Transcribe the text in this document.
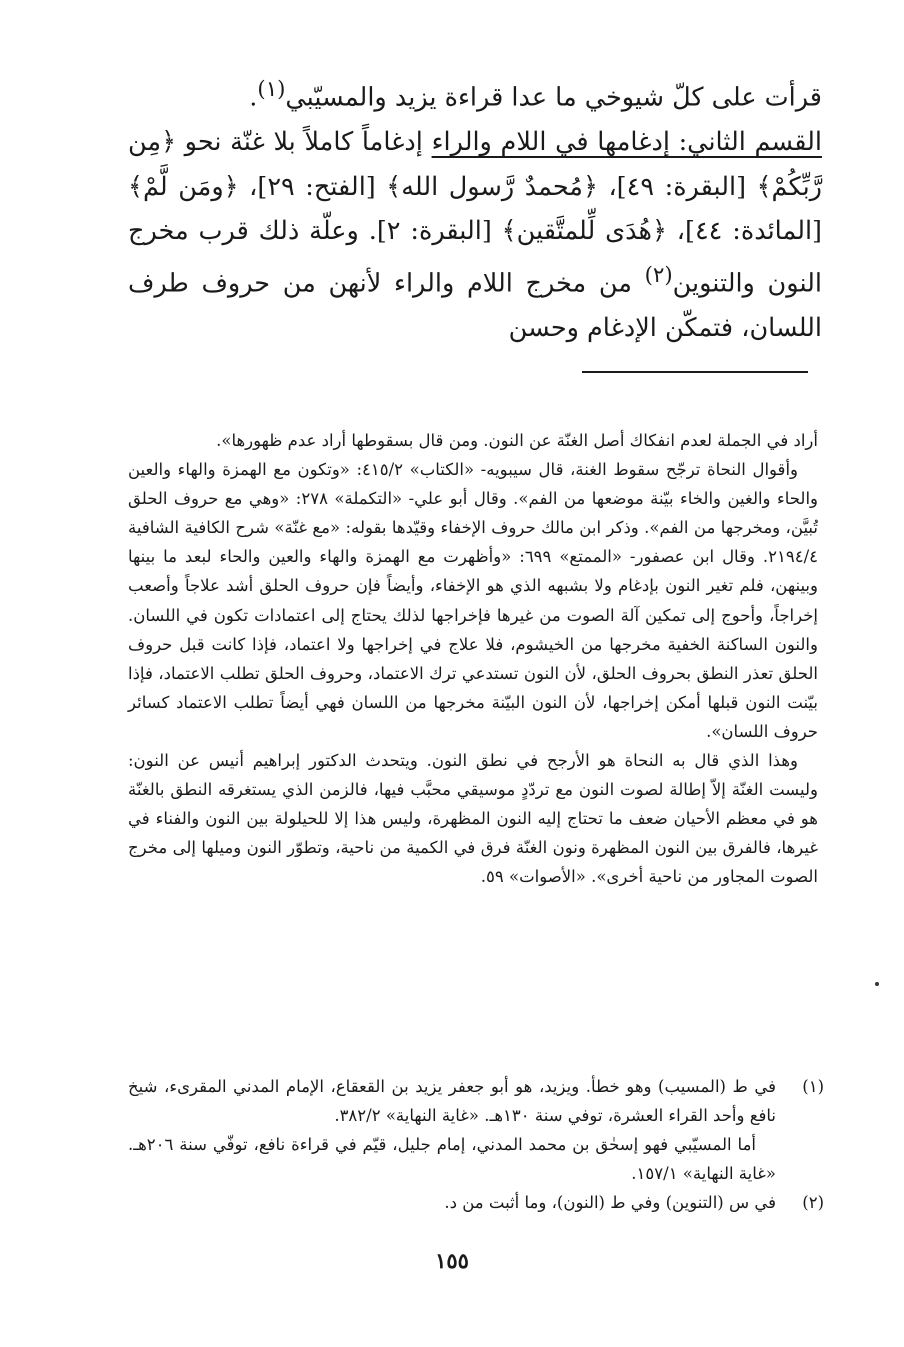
قرأت على كلّ شيوخي ما عدا قراءة يزيد والمسيّبي$^{(١)}$.

القسم الثاني: إدغامها في اللام والراء إدغاماً كاملاً بلا غنّة نحو ﴿مِن رَّبِّكُمْ﴾ [البقرة: ٤٩]، ﴿مُحمدٌ رَّسول الله﴾ [الفتح: ٢٩]، ﴿ومَن لَّمْ﴾ [المائدة: ٤٤]، ﴿هُدَى لِّلمتَّقين﴾ [البقرة: ٢]. وعلّة ذلك قرب مخرج النون والتنوين$^{(٢)}$ من مخرج اللام والراء لأنهن من حروف طرف اللسان، فتمكّن الإدغام وحسن

أراد في الجملة لعدم انفكاك أصل الغنّة عن النون. ومن قال بسقوطها أراد عدم ظهورها».

وأقوال النحاة ترجّح سقوط الغنة، قال سيبويه- «الكتاب» ٤١٥/٢: «وتكون مع الهمزة والهاء والعين والحاء والغين والخاء بيّنة موضعها من الفم». وقال أبو علي- «التكملة» ٢٧٨: «وهي مع حروف الحلق تُبيَّن، ومخرجها من الفم». وذكر ابن مالك حروف الإخفاء وقيّدها بقوله: «مع غنّة» شرح الكافية الشافية ٢١٩٤/٤. وقال ابن عصفور- «الممتع» ٦٩٩: «وأظهرت مع الهمزة والهاء والعين والحاء لبعد ما بينها وبينهن، فلم تغير النون بإدغام ولا بشبهه الذي هو الإخفاء، وأيضاً فإن حروف الحلق أشد علاجاً وأصعب إخراجاً، وأحوج إلى تمكين آلة الصوت من غيرها فإخراجها لذلك يحتاج إلى اعتمادات تكون في اللسان. والنون الساكنة الخفية مخرجها من الخيشوم، فلا علاج في إخراجها ولا اعتماد، فإذا كانت قبل حروف الحلق تعذر النطق بحروف الحلق، لأن النون تستدعي ترك الاعتماد، وحروف الحلق تطلب الاعتماد، فإذا بيّنت النون قبلها أمكن إخراجها، لأن النون البيّنة مخرجها من اللسان فهي أيضاً تطلب الاعتماد كسائر حروف اللسان».

وهذا الذي قال به النحاة هو الأرجح في نطق النون. ويتحدث الدكتور إبراهيم أنيس عن النون: وليست الغنّة إلاّ إطالة لصوت النون مع تردّدٍ موسيقي محبَّب فيها، فالزمن الذي يستغرقه النطق بالغنّة هو في معظم الأحيان ضعف ما تحتاج إليه النون المظهرة، وليس هذا إلا للحيلولة بين النون والفناء في غيرها، فالفرق بين النون المظهرة ونون الغنّة فرق في الكمية من ناحية، وتطوّر النون وميلها إلى مخرج الصوت المجاور من ناحية أخرى». «الأصوات» ٥٩.

(١)

في ط (المسيب) وهو خطأ. ويزيد، هو أبو جعفر يزيد بن القعقاع، الإمام المدني المقرىء، شيخ نافع وأحد القراء العشرة، توفي سنة ١٣٠هـ. «غاية النهاية» ٣٨٢/٢.

أما المسيّبي فهو إسحٰق بن محمد المدني، إمام جليل، قيّم في قراءة نافع، توفّي سنة ٢٠٦هـ. «غاية النهاية» ١٥٧/١.

(٢)

في س (التنوين) وفي ط (النون)، وما أثبت من د.

١٥٥
